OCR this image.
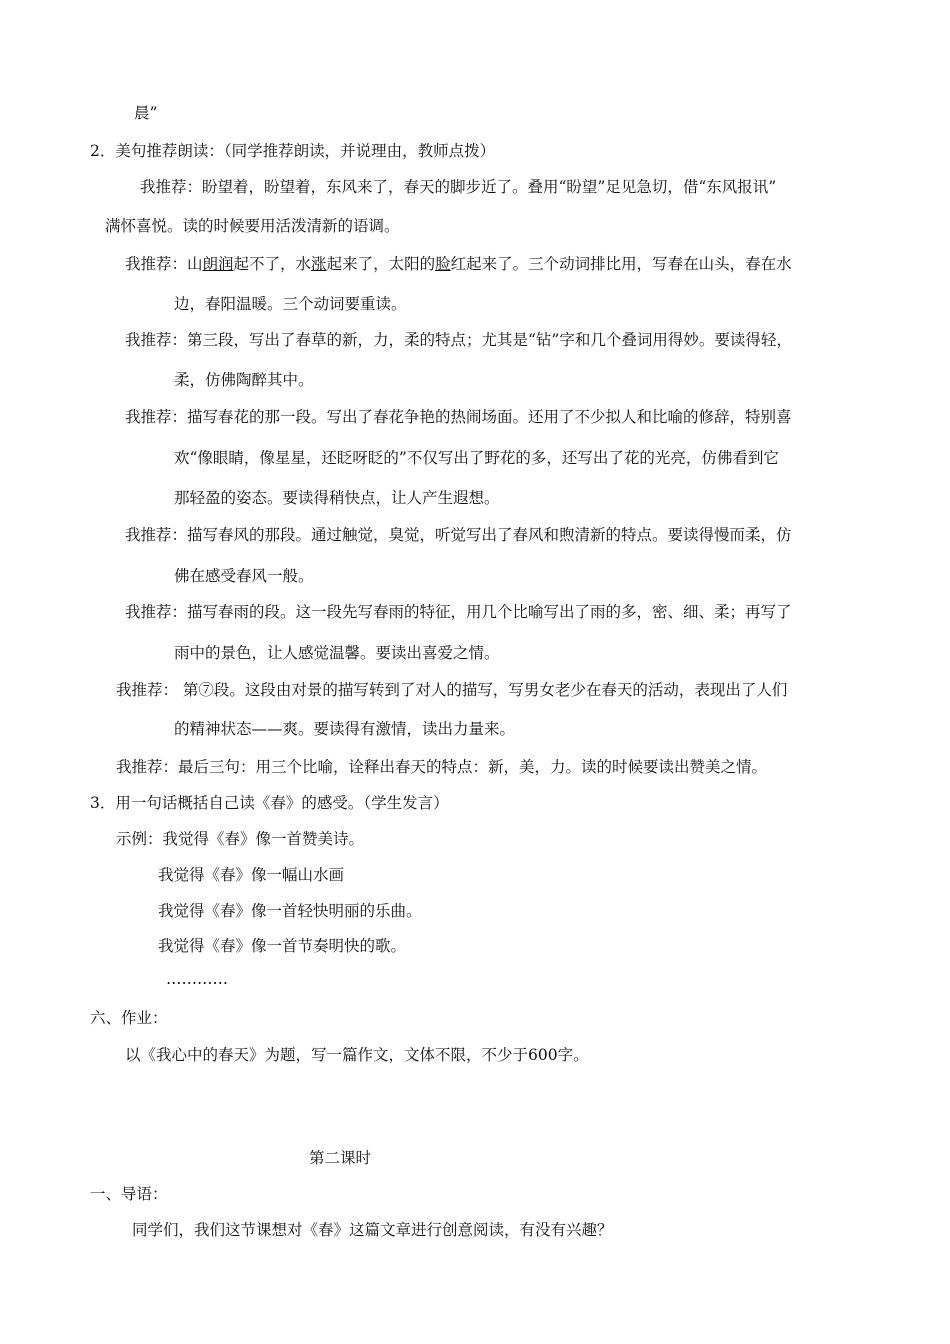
晨”
2．美句推荐朗读：（同学推荐朗读，并说理由，教师点拨）
我推荐：盼望着，盼望着，东风来了，春天的脚步近了。叠用“盼望”足见急切，借“东风报讯”
满怀喜悦。读的时候要用活泼清新的语调。
我推荐：山朗润起不了，水涨起来了，太阳的脸红起来了。三个动词排比用，写春在山头，春在水
边，春阳温暖。三个动词要重读。
我推荐：第三段，写出了春草的新，力，柔的特点；尤其是“钻”字和几个叠词用得妙。要读得轻，
柔，仿佛陶醉其中。
我推荐：描写春花的那一段。写出了春花争艳的热闹场面。还用了不少拟人和比喻的修辞，特别喜
欢“像眼睛，像星星，还眨呀眨的”不仅写出了野花的多，还写出了花的光亮，仿佛看到它
那轻盈的姿态。要读得稍快点，让人产生遐想。
我推荐：描写春风的那段。通过触觉，臭觉，听觉写出了春风和煦清新的特点。要读得慢而柔，仿
佛在感受春风一般。
我推荐：描写春雨的段。这一段先写春雨的特征，用几个比喻写出了雨的多，密、细、柔；再写了
雨中的景色，让人感觉温馨。要读出喜爱之情。
我推荐： 第⑦段。这段由对景的描写转到了对人的描写，写男女老少在春天的活动，表现出了人们
的精神状态——爽。要读得有激情，读出力量来。
我推荐：最后三句：用三个比喻，诠释出春天的特点：新，美，力。读的时候要读出赞美之情。
3．用一句话概括自己读《春》的感受。（学生发言）
示例：我觉得《春》像一首赞美诗。
我觉得《春》像一幅山水画
我觉得《春》像一首轻快明丽的乐曲。
我觉得《春》像一首节奏明快的歌。
…………
六、作业：
以《我心中的春天》为题，写一篇作文，文体不限，不少于600字。
第二课时
一、导语：
同学们，我们这节课想对《春》这篇文章进行创意阅读，有没有兴趣？
